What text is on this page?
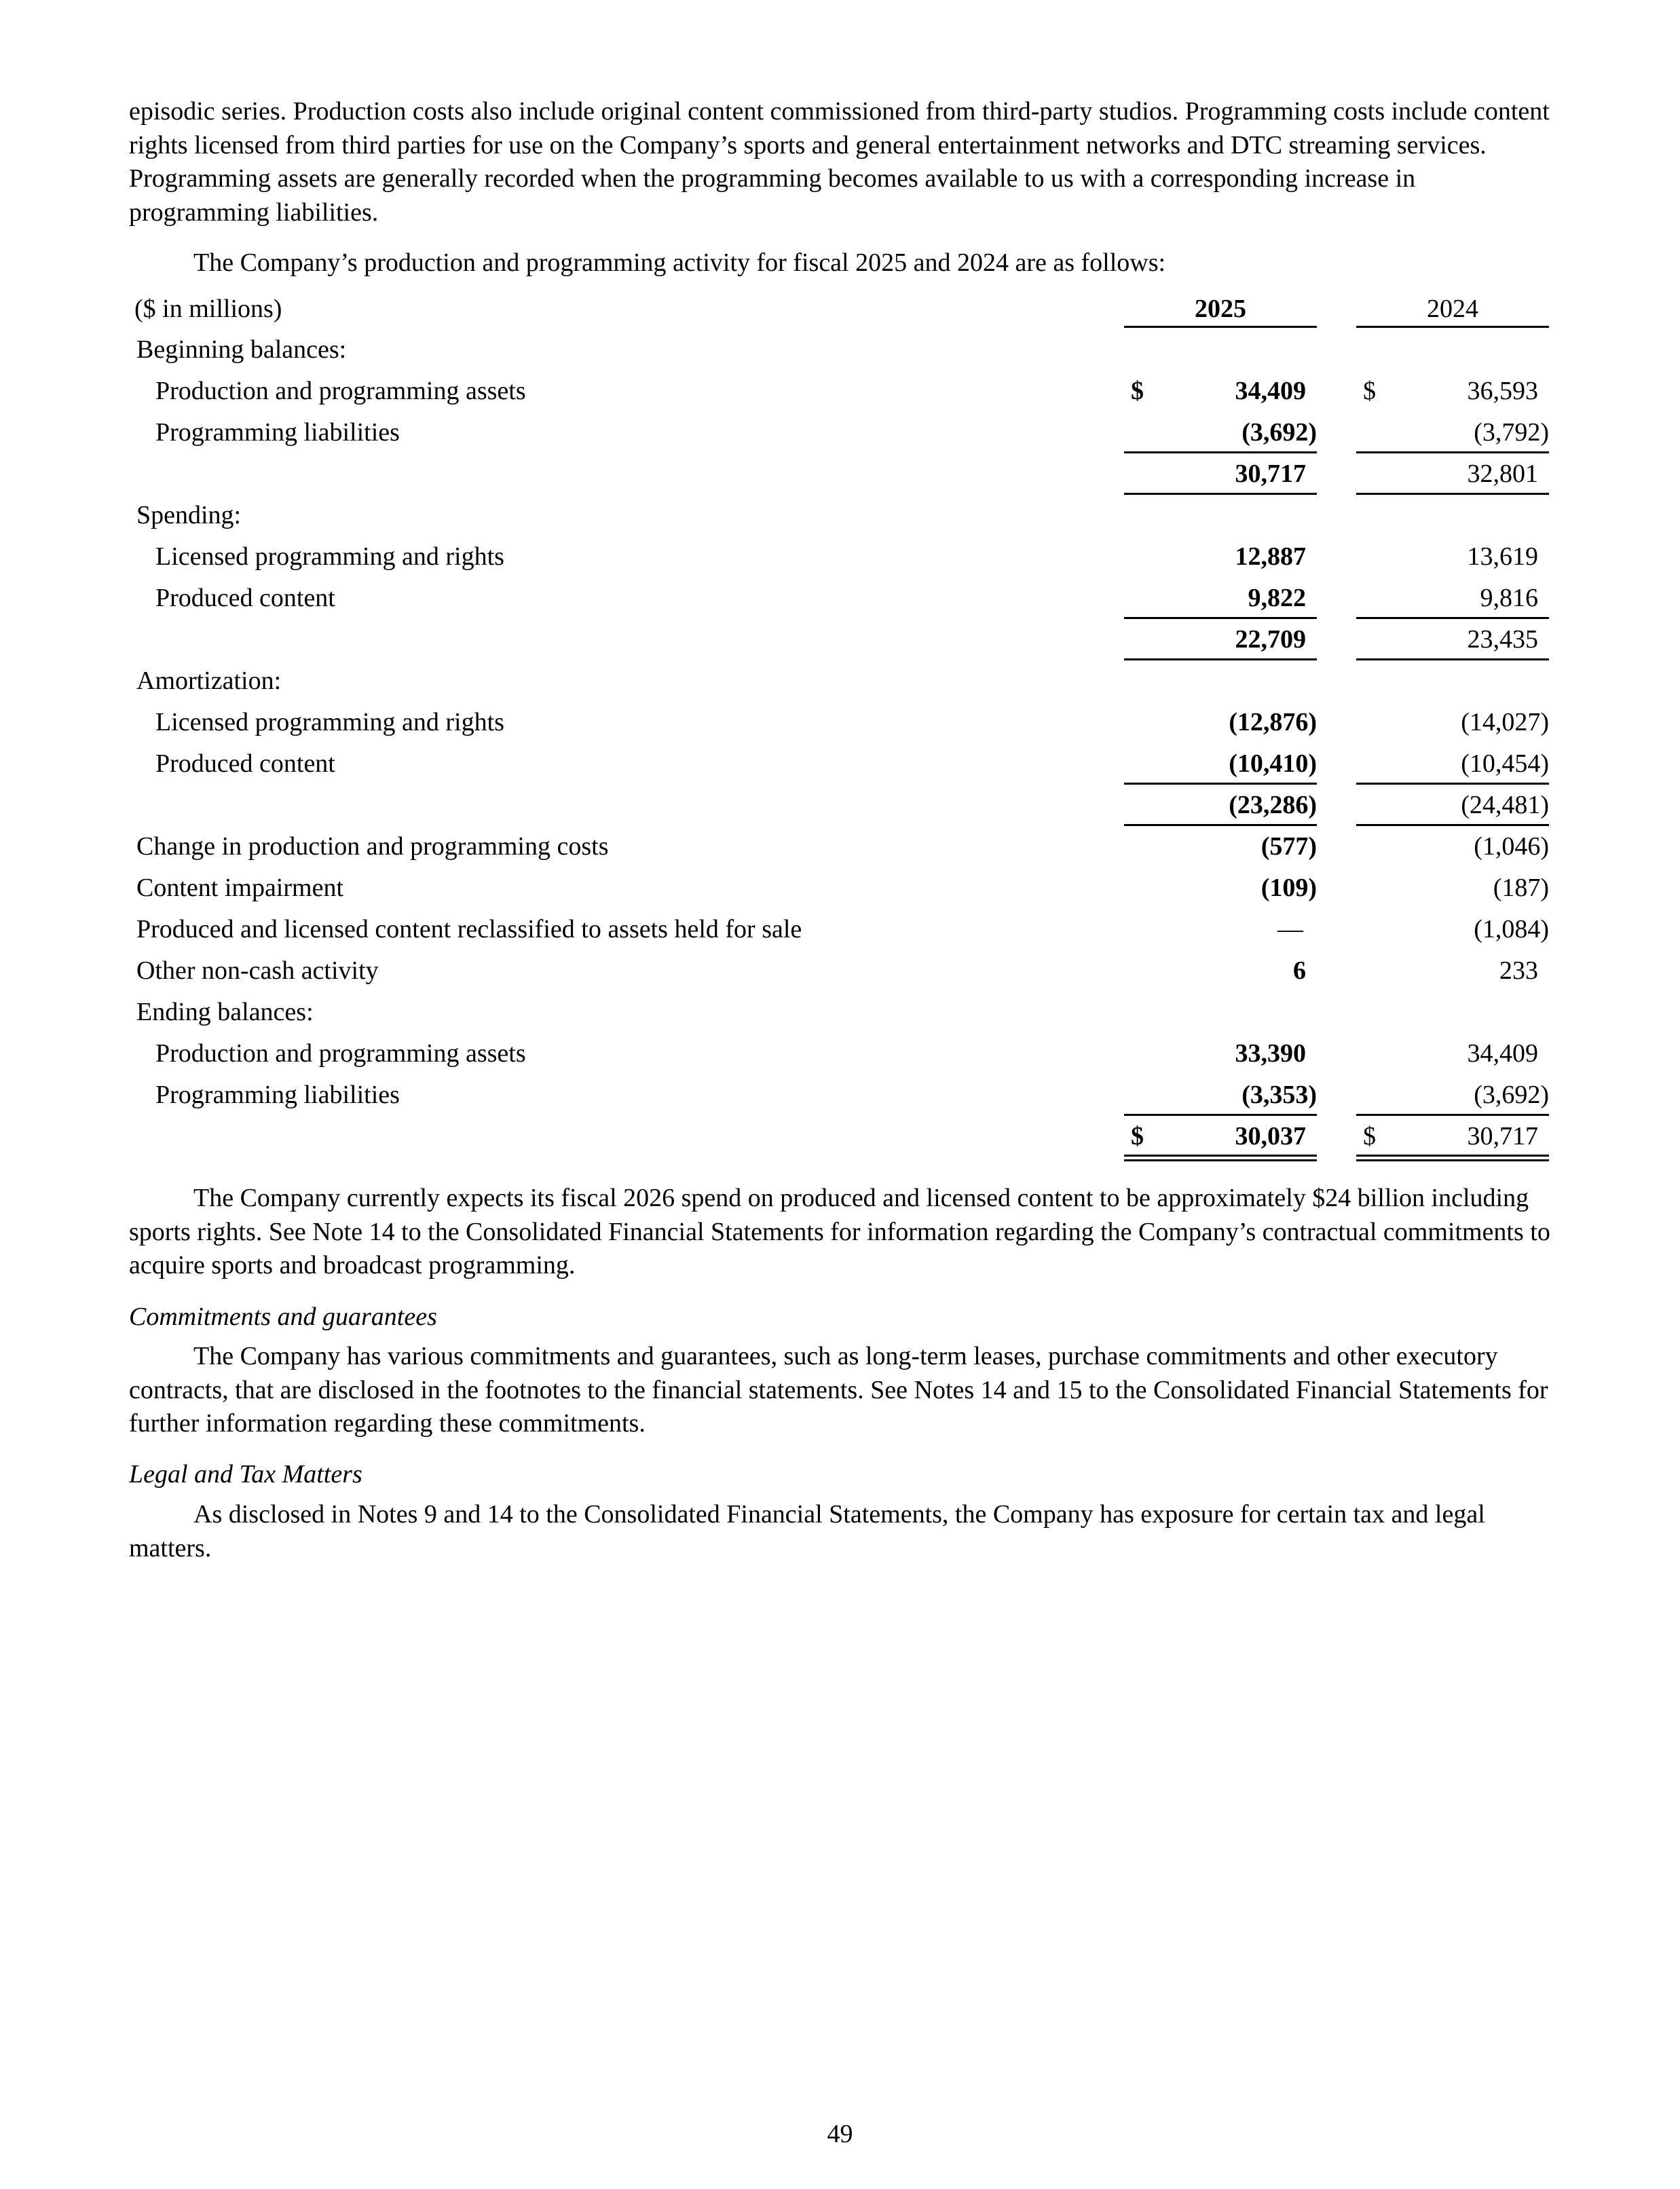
episodic series. Production costs also include original content commissioned from third-party studios. Programming costs include content rights licensed from third parties for use on the Company’s sports and general entertainment networks and DTC streaming services. Programming assets are generally recorded when the programming becomes available to us with a corresponding increase in programming liabilities.

The Company’s production and programming activity for fiscal 2025 and 2024 are as follows:

($ in millions)	2025	2024
Beginning balances:
Production and programming assets	$	34,409 $	36,593
Programming liabilities	(3,692)	(3,792)
30,717	32,801
Spending:
Licensed programming and rights	12,887	13,619
Produced content	9,822	9,816
22,709	23,435
Amortization:
Licensed programming and rights	(12,876)	(14,027)
Produced content	(10,410)	(10,454)
(23,286)	(24,481)
Change in production and programming costs	(577)	(1,046)
Content impairment	(109)	(187)
Produced and licensed content reclassified to assets held for sale	—	(1,084)
Other non-cash activity	6	233
Ending balances:
Production and programming assets	33,390	34,409
Programming liabilities	(3,353)	(3,692)
$	30,037 $	30,717

The Company currently expects its fiscal 2026 spend on produced and licensed content to be approximately $24 billion including sports rights. See Note 14 to the Consolidated Financial Statements for information regarding the Company’s contractual commitments to acquire sports and broadcast programming.

Commitments and guarantees

The Company has various commitments and guarantees, such as long-term leases, purchase commitments and other executory contracts, that are disclosed in the footnotes to the financial statements. See Notes 14 and 15 to the Consolidated Financial Statements for further information regarding these commitments.

Legal and Tax Matters

As disclosed in Notes 9 and 14 to the Consolidated Financial Statements, the Company has exposure for certain tax and legal matters.

49
